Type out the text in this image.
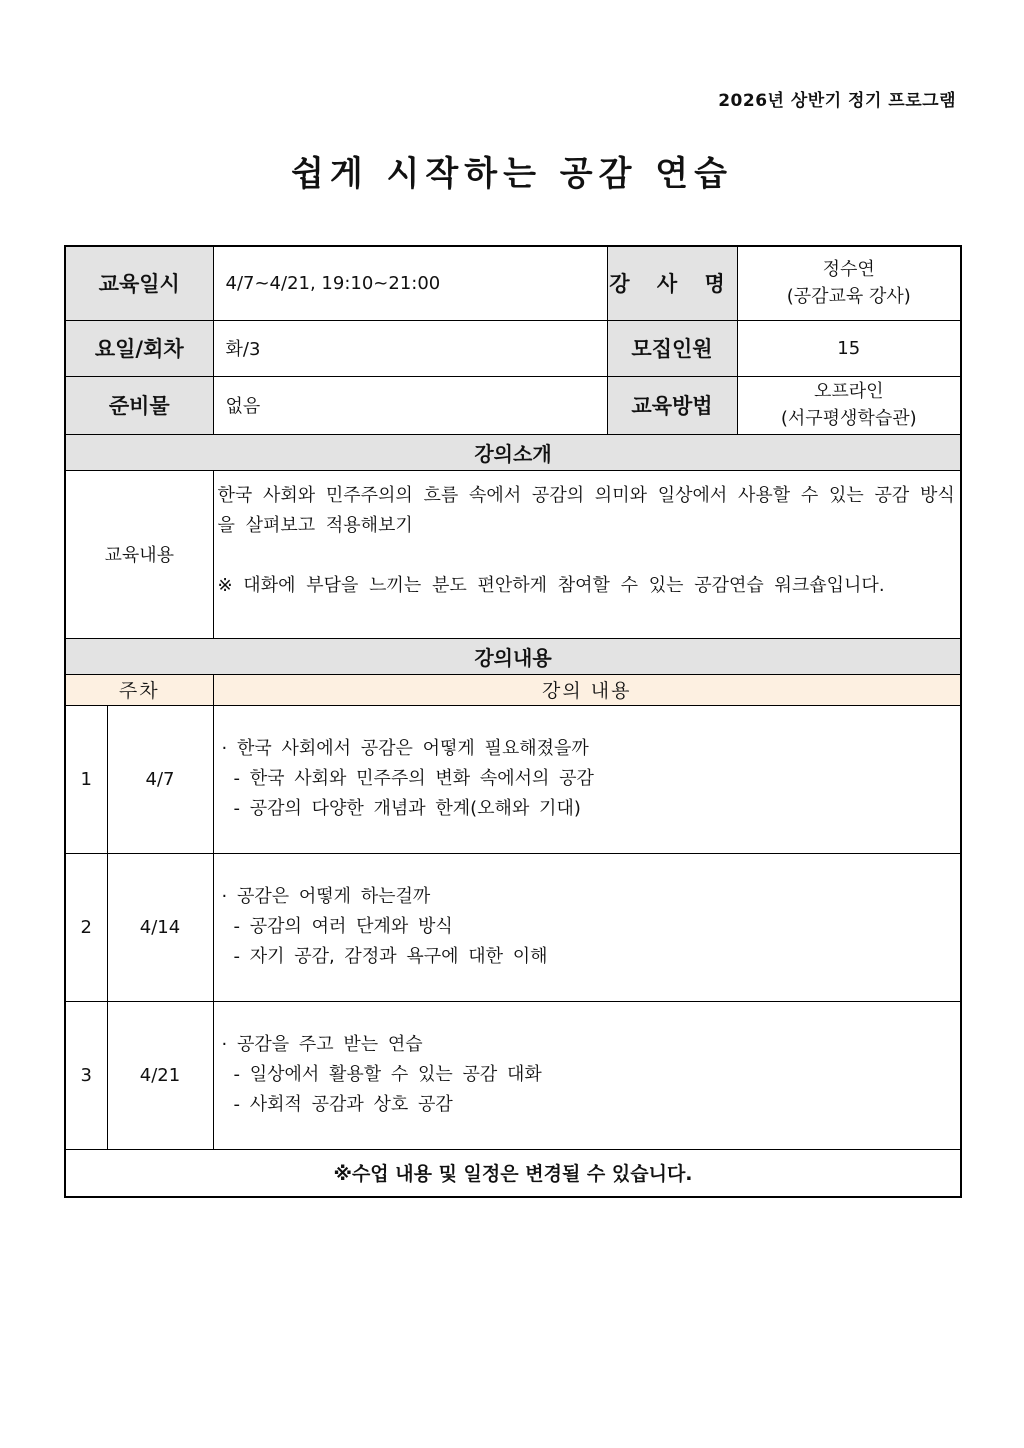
2026년 상반기 정기 프로그램
쉽게 시작하는 공감 연습
교육일시		4/7~4/21, 19:10~21:00	강 사 명	정수연
(공감교육 강사)

요일/회차		화/3	모집인원	15
준비물		없음	교육방법	오프라인
(서구평생학습관)

강의소개				
교육내용		한국 사회와 민주주의의 흐름 속에서 공감의 의미와 일상에서 사용할 수 있는 공감 방식을 살펴보고 적용해보기

※ 대화에 부담을 느끼는 분도 편안하게 참여할 수 있는 공감연습 워크숍입니다.		

강의내용				
주차		강의 내용		
1	4/7	· 한국 사회에서 공감은 어떻게 필요해졌을까
- 한국 사회와 민주주의 변화 속에서의 공감
- 공감의 다양한 개념과 한계(오해와 기대)		

2	4/14	· 공감은 어떻게 하는걸까
- 공감의 여러 단계와 방식
- 자기 공감, 감정과 욕구에 대한 이해		

3	4/21	· 공감을 주고 받는 연습
- 일상에서 활용할 수 있는 공감 대화
- 사회적 공감과 상호 공감		

※수업 내용 및 일정은 변경될 수 있습니다.				
